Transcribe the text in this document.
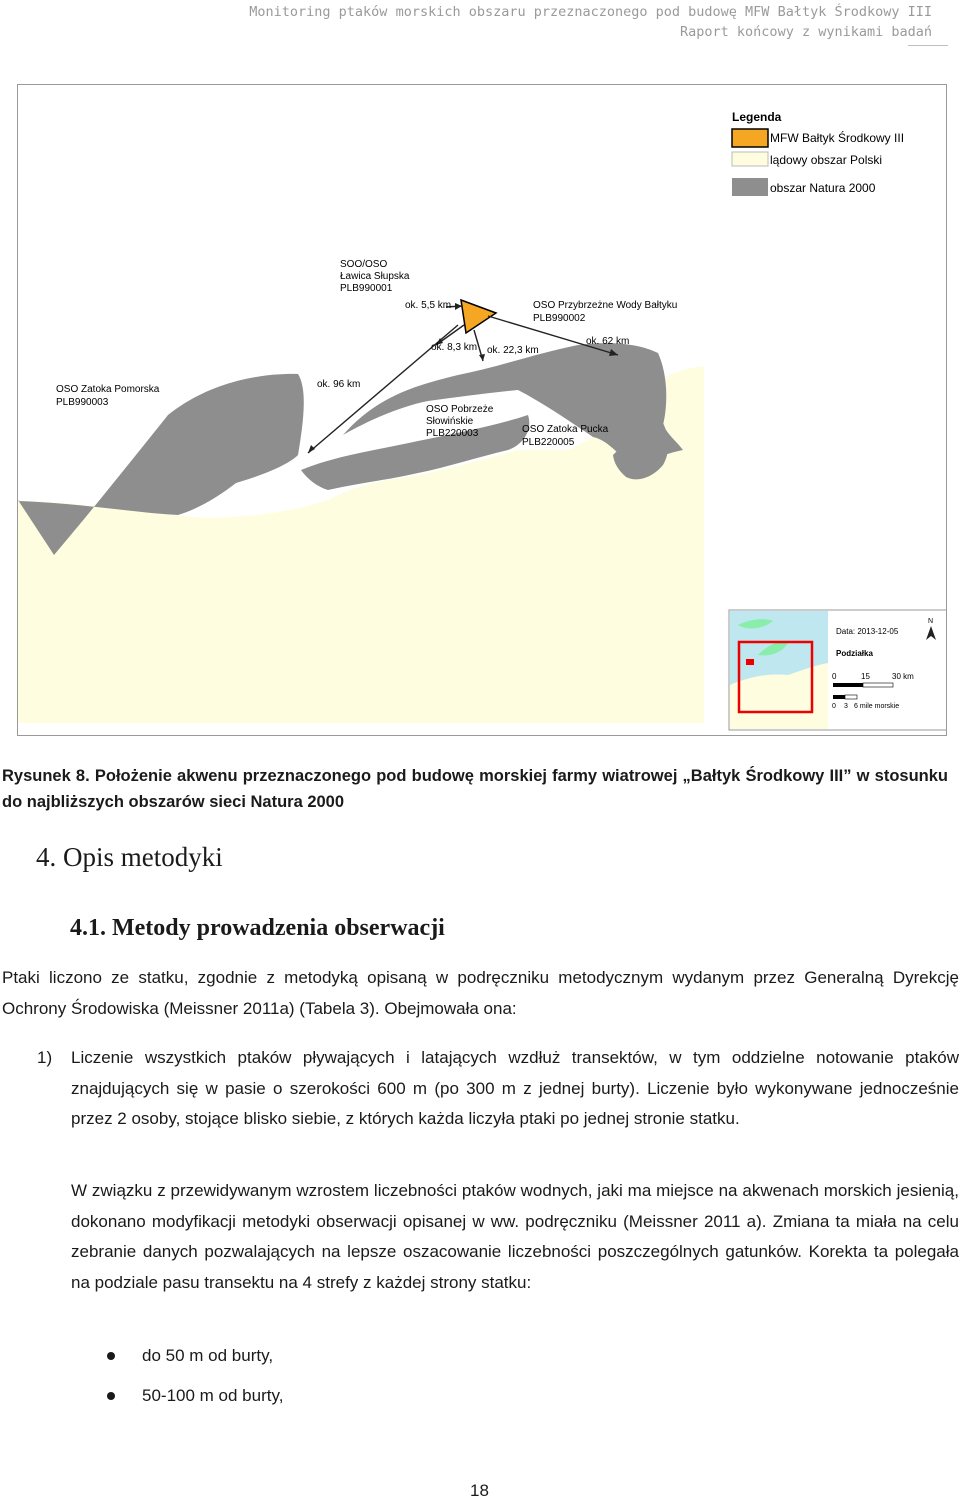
Monitoring ptaków morskich obszaru przeznaczonego pod budowę MFW Bałtyk Środkowy III
Raport końcowy z wynikami badań
Legenda
MFW Bałtyk Środkowy III
lądowy obszar Polski
obszar Natura 2000
SOO/OSO
Ławica Słupska
PLB990001
OSO Przybrzeżne Wody Bałtyku
PLB990002
OSO Zatoka Pomorska
PLB990003
OSO Pobrzeże
Słowińskie
PLB220003	OSO Zatoka Pucka
PLB220005
ok. 5,5 km
ok. 8,3 km ok. 22,3 km
ok. 62 km
ok. 96 km
Data: 2013-12-05
N
Podziałka
0	15	30 km
0 3 6 mile morskie
Rysunek 8. Położenie akwenu przeznaczonego pod budowę morskiej farmy wiatrowej „Bałtyk Środkowy III” w stosunku do najbliższych obszarów sieci Natura 2000
4. Opis metodyki
4.1. Metody prowadzenia obserwacji
Ptaki liczono ze statku, zgodnie z metodyką opisaną w podręczniku metodycznym wydanym przez Generalną Dyrekcję Ochrony Środowiska (Meissner 2011a) (Tabela 3). Obejmowała ona:
1) Liczenie wszystkich ptaków pływających i latających wzdłuż transektów, w tym oddzielne notowanie ptaków znajdujących się w pasie o szerokości 600 m (po 300 m z jednej burty). Liczenie było wykonywane jednocześnie przez 2 osoby, stojące blisko siebie, z których każda liczyła ptaki po jednej stronie statku.
W związku z przewidywanym wzrostem liczebności ptaków wodnych, jaki ma miejsce na akwenach morskich jesienią, dokonano modyfikacji metodyki obserwacji opisanej w ww. podręczniku (Meissner 2011 a). Zmiana ta miała na celu zebranie danych pozwalających na lepsze oszacowanie liczebności poszczególnych gatunków. Korekta ta polegała na podziale pasu transektu na 4 strefy z każdej strony statku:
do 50 m od burty,
50-100 m od burty,
18
